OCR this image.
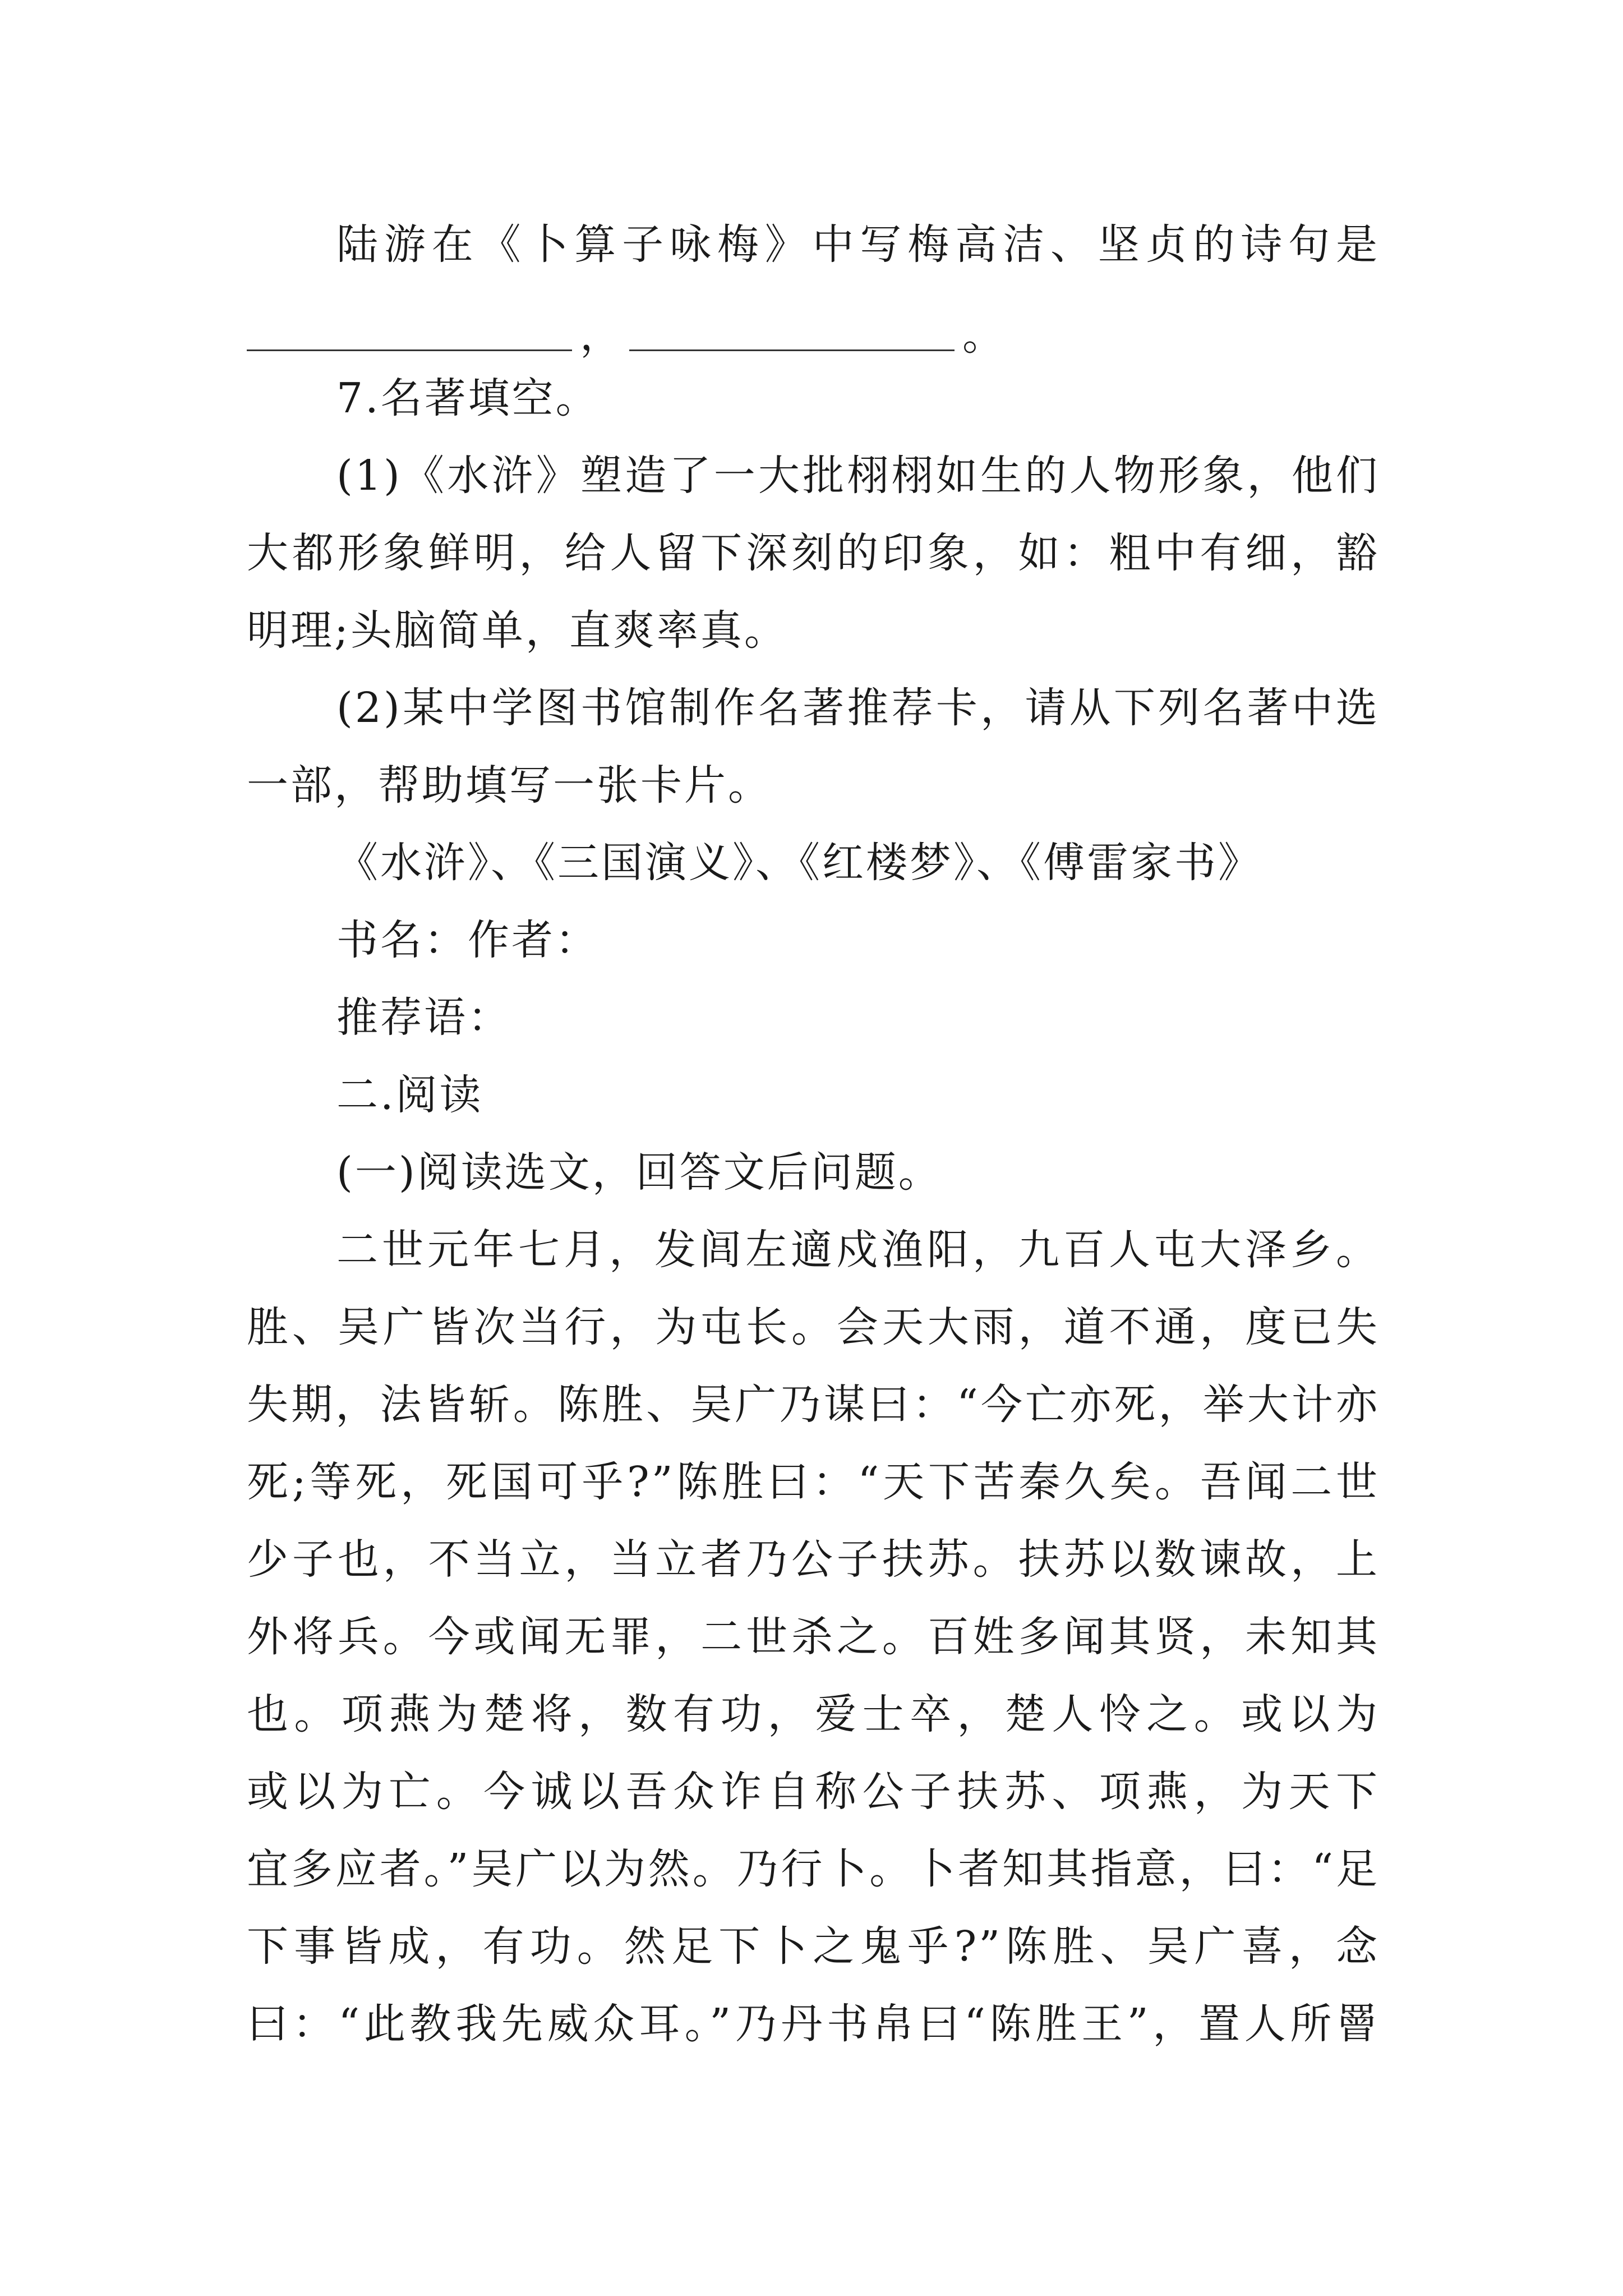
陆游在《卜算子咏梅》中写梅高洁、坚贞的诗句是
，	。
7.名著填空。
(1)《水浒》塑造了一大批栩栩如生的人物形象，他们
大都形象鲜明，给人留下深刻的印象，如：粗中有细，豁
明理;头脑简单，直爽率真。
(2)某中学图书馆制作名著推荐卡，请从下列名著中选
一部，帮助填写一张卡片。
《水浒》、《三国演义》、《红楼梦》、《傅雷家书》
书名：作者：
推荐语：
二.阅读
(一)阅读选文，回答文后问题。
二世元年七月，发闾左適戍渔阳，九百人屯大泽乡。
胜、吴广皆次当行，为屯长。会天大雨，道不通，度已失
失期，法皆斩。陈胜、吴广乃谋曰：“今亡亦死，举大计亦
死;等死，死国可乎?”陈胜曰：“天下苦秦久矣。吾闻二世
少子也，不当立，当立者乃公子扶苏。扶苏以数谏故，上
外将兵。今或闻无罪，二世杀之。百姓多闻其贤，未知其
也。项燕为楚将，数有功，爱士卒，楚人怜之。或以为
或以为亡。今诚以吾众诈自称公子扶苏、项燕，为天下
宜多应者。”吴广以为然。乃行卜。卜者知其指意，曰：“足
下事皆成，有功。然足下卜之鬼乎?”陈胜、吴广喜，念
曰：“此教我先威众耳。”乃丹书帛曰“陈胜王”，置人所罾
